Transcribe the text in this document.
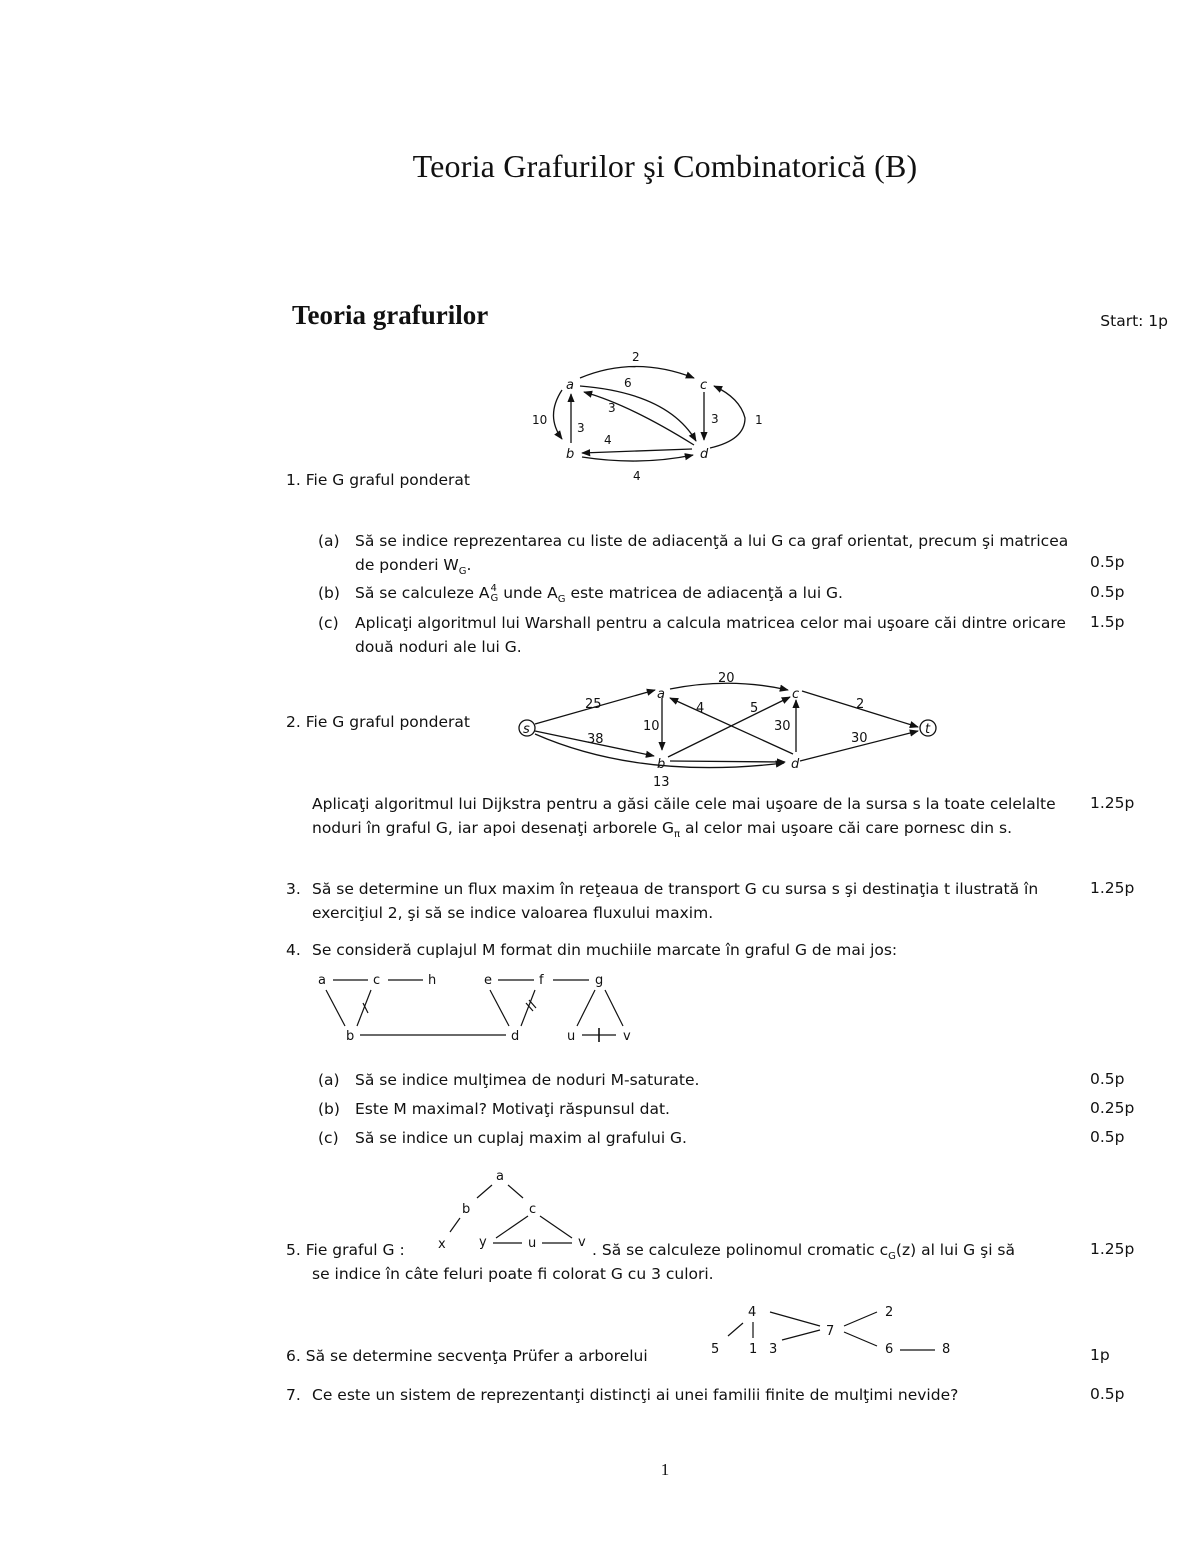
Teoria Grafurilor şi Combinatorică (B)
Teoria grafurilor	Start: 1p
a	c
b	d
2
6
3
10
3
3	1
4
4
1. Fie G graful ponderat
(a) Să se indice reprezentarea cu liste de adiacenţă a lui G ca graf orientat, precum şi matricea de ponderi $W_G$.	0.5p
(b) Să se calculeze A 4
G unde $A_G$ este matricea de adiacenţă a lui G.	0.5p
(c) Aplicaţi algoritmul lui Warshall pentru a calcula matricea celor mai uşoare căi dintre oricare două noduri ale lui G.
1.5p
s
a	c
b	d
t
25
20
2
10
4	5
30
38	30
13
2. Fie G graful ponderat
Aplicaţi algoritmul lui Dijkstra pentru a găsi căile cele mai uşoare de la sursa s la toate celelalte noduri în graful G, iar apoi desenaţi arborele $G_\pi$ al celor mai uşoare căi care pornesc din s.
1.25p
3. Să se determine un flux maxim în reţeaua de transport G cu sursa s şi destinaţia t ilustrată în exerciţiul 2, şi să se indice valoarea fluxului maxim.
1.25p
4. Se consideră cuplajul M format din muchiile marcate în graful G de mai jos:
a	c	h	e	f	g
b	d	u	v
(a) Să se indice mulţimea de noduri M-saturate.	0.5p
(b) Este M maximal? Motivaţi răspunsul dat.	0.25p
(c) Să se indice un cuplaj maxim al grafului G.	0.5p
a
b	c
x	y	u	v
5. Fie graful G :	. Să se calculeze polinomul cromatic $c_G(z)$ al lui G şi să
se indice în câte feluri poate fi colorat G cu 3 culori.
1.25p
4	2
7
5 1 3	6	8
6. Să se determine secvenţa Prüfer a arborelui	1p
7. Ce este un sistem de reprezentanţi distincţi ai unei familii finite de mulţimi nevide?	0.5p
1
